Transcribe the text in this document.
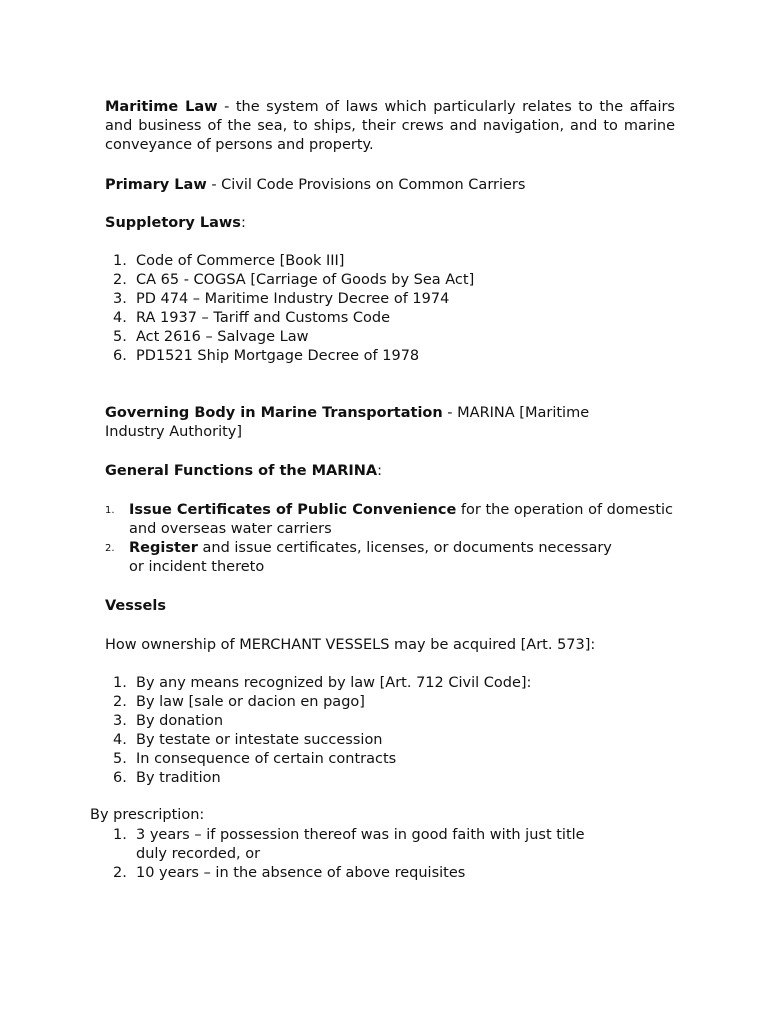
Maritime Law - the system of laws which particularly relates to the affairs and business of the sea, to ships, their crews and navigation, and to marine conveyance of persons and property.

Primary Law - Civil Code Provisions on Common Carriers

Suppletory Laws:

1. Code of Commerce [Book III]
2. CA 65 - COGSA [Carriage of Goods by Sea Act]
3. PD 474 – Maritime Industry Decree of 1974
4. RA 1937 – Tariff and Customs Code
5. Act 2616 – Salvage Law
6. PD1521 Ship Mortgage Decree of 1978

Governing Body in Marine Transportation - MARINA [Maritime Industry Authority]

General Functions of the MARINA:

1. Issue Certificates of Public Convenience for the operation of domestic and overseas water carriers
2. Register and issue certificates, licenses, or documents necessary or incident thereto

Vessels

How ownership of MERCHANT VESSELS may be acquired [Art. 573]:

1. By any means recognized by law [Art. 712 Civil Code]:
2. By law [sale or dacion en pago]
3. By donation
4. By testate or intestate succession
5. In consequence of certain contracts
6. By tradition

By prescription:

1. 3 years – if possession thereof was in good faith with just title duly recorded, or
2. 10 years – in the absence of above requisites
